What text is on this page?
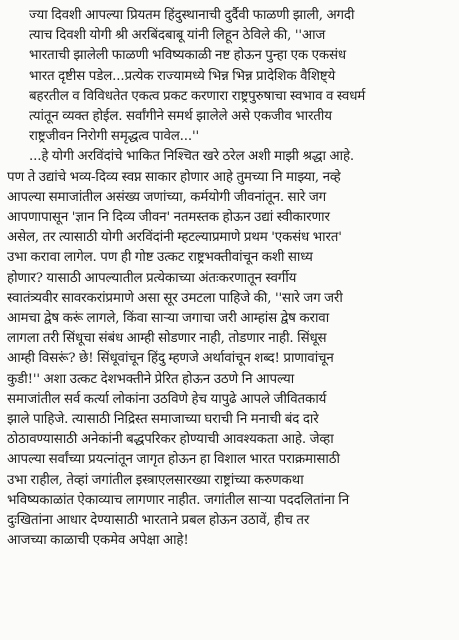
ज्या दिवशी आपल्या प्रियतम हिंदुस्थानाची दुर्दैवी फाळणी झाली, अगदी
त्याच दिवशी योगी श्री अरबिंदबाबू यांनी लिहून ठेविले की, ''आज
भारताची झालेली फाळणी भविष्यकाळी नष्ट होऊन पुन्हा एक एकसंध
भारत दृष्टीस पडेल...प्रत्येक राज्यामध्ये भिन्न भिन्न प्रादेशिक वैशिष्ट्ये
बहरतील व विविधतेत एकत्व प्रकट करणारा राष्ट्रपुरुषाचा स्वभाव व स्वधर्म
त्यांतून व्यक्त होईल. सर्वांगीने समर्थ झालेले असे एकजीव भारतीय
राष्ट्रजीवन निरोगी समृद्धत्व पावेल...''
...हे योगी अरविंदांचे भाकित निश्चित खरे ठरेल अशी माझी श्रद्धा आहे.
पण ते उद्यांचे भव्य-दिव्य स्वप्न साकार होणार आहे तुमच्या नि माझ्या, नव्हे
आपल्या समाजांतील असंख्य जणांच्या, कर्मयोगी जीवनांतून. सारे जग
आपणापासून 'ज्ञान नि दिव्य जीवन' नतमस्तक होऊन उद्यां स्वीकारणार
असेल, तर त्यासाठी योगी अरविंदांनी म्हटल्याप्रमाणे प्रथम 'एकसंध भारत'
उभा करावा लागेल. पण ही गोष्ट उत्कट राष्ट्रभक्तीवांचून कशी साध्य
होणार? यासाठी आपल्यातील प्रत्येकाच्या अंतःकरणातून स्वर्गीय
स्वातंत्र्यवीर सावरकरांप्रमाणे असा सूर उमटला पाहिजे की, ''सारे जग जरी
आमचा द्वेष करूं लागले, किंवा साऱ्या जगाचा जरी आम्हांस द्वेष करावा
लागला तरी सिंधूचा संबंध आम्ही सोडणार नाही, तोडणार नाही. सिंधूस
आम्ही विसरूं? छे! सिंधूवांचून हिंदु म्हणजे अर्थावांचून शब्द! प्राणावांचून
कुडी!'' अशा उत्कट देशभक्तीने प्रेरित होऊन उठणे नि आपल्या
समाजांतील सर्व कर्त्या लोकांना उठविणे हेच यापुढे आपले जीवितकार्य
झाले पाहिजे. त्यासाठी निद्रिस्त समाजाच्या घराची नि मनाची बंद दारे
ठोठावण्यासाठी अनेकांनी बद्धपरिकर होण्याची आवश्यकता आहे. जेव्हा
आपल्या सर्वांच्या प्रयत्नांतून जागृत होऊन हा विशाल भारत पराक्रमासाठी
उभा राहील, तेव्हां जगांतील इस्त्राएलसारख्या राष्ट्रांच्या करुणकथा
भविष्यकाळांत ऐकाव्याच लागणार नाहीत. जगांतील साऱ्या पददलितांना नि
दुःखितांना आधार देण्यासाठी भारताने प्रबल होऊन उठावें, हीच तर
आजच्या काळाची एकमेव अपेक्षा आहे!
